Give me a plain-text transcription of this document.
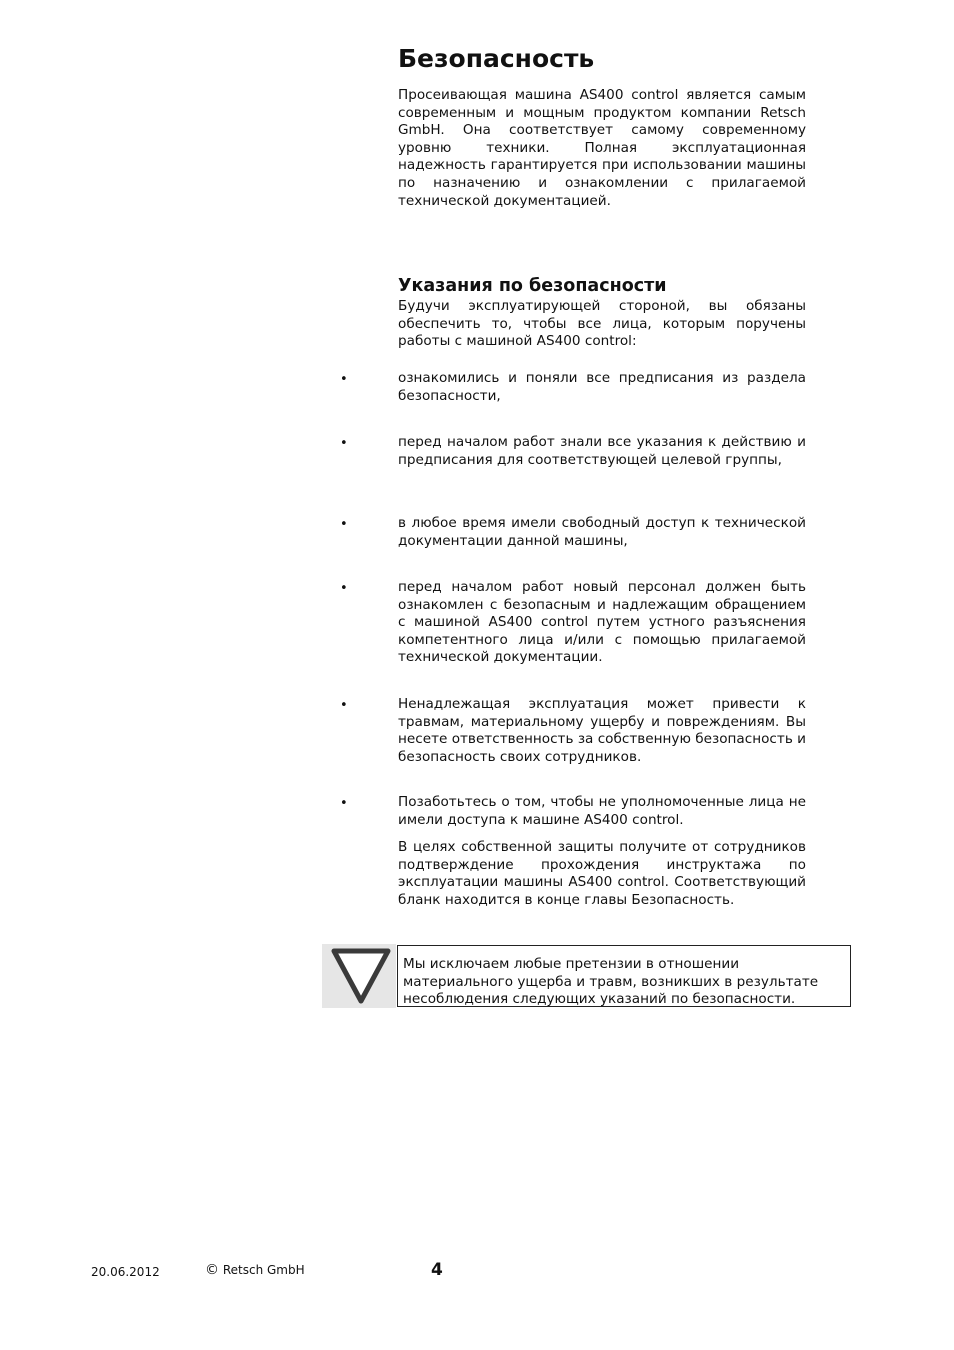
Безопасность

Просеивающая машина AS400 control является самым современным и мощным продуктом компании Retsch GmbH. Она соответствует самому современному уровню техники. Полная эксплуатационная надежность гарантируется при использовании машины по назначению и ознакомлении с прилагаемой технической документацией.

Указания по безопасности

Будучи эксплуатирующей стороной, вы обязаны обеспечить то, чтобы все лица, которым поручены работы с машиной AS400 control:

•	ознакомились и поняли все предписания из раздела безопасности,

•	перед началом работ знали все указания к действию и предписания для соответствующей целевой группы,

•	в любое время имели свободный доступ к технической документации данной машины,

•	перед началом работ новый персонал должен быть ознакомлен с безопасным и надлежащим обращением с машиной AS400 control путем устного разъяснения компетентного лица и/или с помощью прилагаемой технической документации.

•	Ненадлежащая эксплуатация может привести к травмам, материальному ущербу и повреждениям. Вы несете ответственность за собственную безопасность и безопасность своих сотрудников.

•	Позаботьтесь о том, чтобы не уполномоченные лица не имели доступа к машине AS400 control.

В целях собственной защиты получите от сотрудников подтверждение прохождения инструктажа по эксплуатации машины AS400 control. Соответствующий бланк находится в конце главы Безопасность.

Мы исключаем любые претензии в отношении материального ущерба и травм, возникших в результате несоблюдения следующих указаний по безопасности.
20.06.2012	© Retsch GmbH	4
